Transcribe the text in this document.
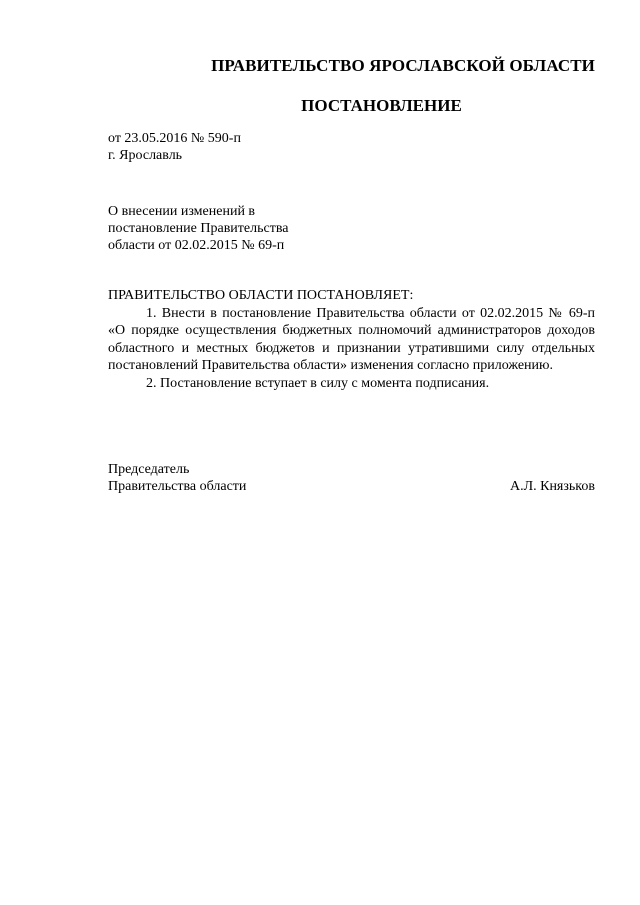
ПРАВИТЕЛЬСТВО ЯРОСЛАВСКОЙ ОБЛАСТИ
ПОСТАНОВЛЕНИЕ
от 23.05.2016 № 590-п
г. Ярославль
О внесении изменений в
постановление Правительства
области от 02.02.2015 № 69-п
ПРАВИТЕЛЬСТВО ОБЛАСТИ ПОСТАНОВЛЯЕТ:

1. Внести в постановление Правительства области от 02.02.2015 № 69-п «О порядке осуществления бюджетных полномочий администраторов доходов областного и местных бюджетов и признании утратившими силу отдельных постановлений Правительства области» изменения согласно приложению.

2. Постановление вступает в силу с момента подписания.

Председатель
Правительства области	А.Л. Князьков
